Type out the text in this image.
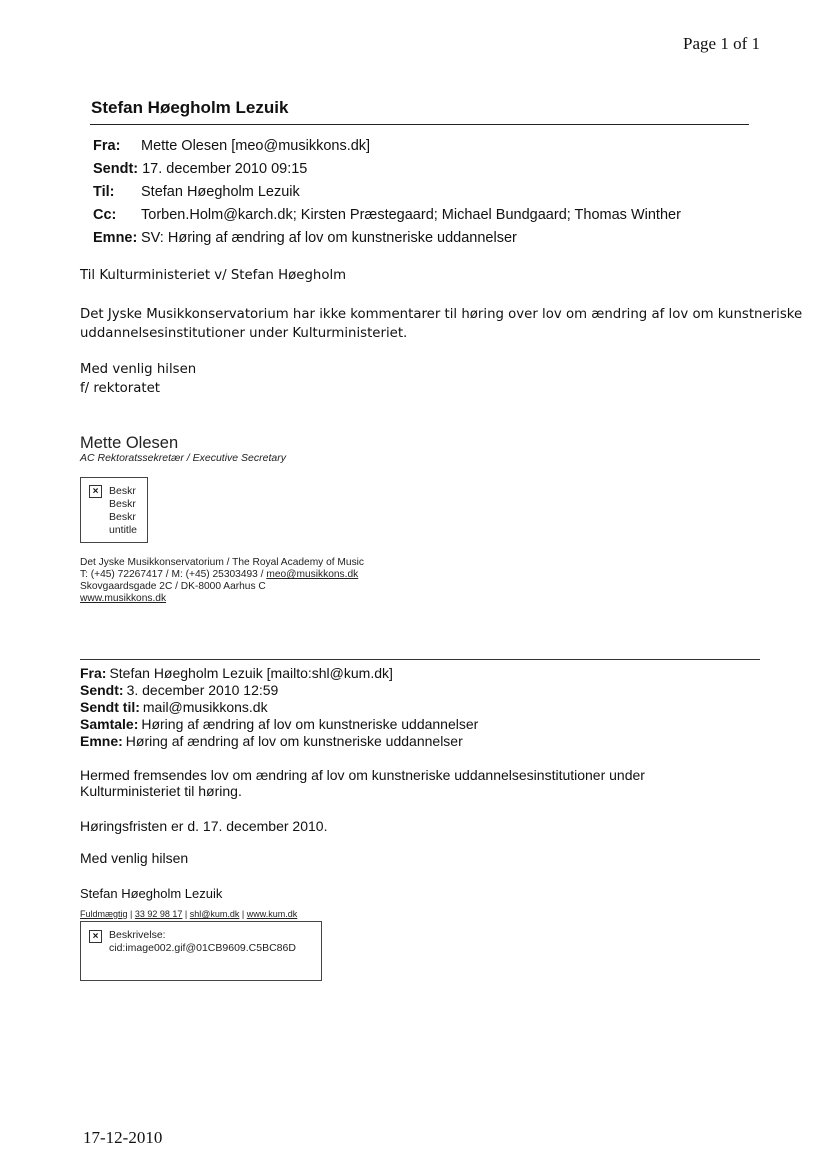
Page 1 of 1
Stefan Høegholm Lezuik
Fra: Mette Olesen [meo@musikkons.dk]
Sendt: 17. december 2010 09:15
Til: Stefan Høegholm Lezuik
Cc: Torben.Holm@karch.dk; Kirsten Præstegaard; Michael Bundgaard; Thomas Winther
Emne: SV: Høring af ændring af lov om kunstneriske uddannelser
Til Kulturministeriet v/ Stefan Høegholm
Det Jyske Musikkonservatorium har ikke kommentarer til høring over lov om ændring af lov om kunstneriske
uddannelsesinstitutioner under Kulturministeriet.
Med venlig hilsen
f/ rektoratet
Mette Olesen
AC Rektoratssekretær / Executive Secretary
×	Beskr
Beskr
Beskr
untitle
Det Jyske Musikkonservatorium / The Royal Academy of Music
T: (+45) 72267417 / M: (+45) 25303493 / meo@musikkons.dk
Skovgaardsgade 2C / DK-8000 Aarhus C
www.musikkons.dk
Fra: Stefan Høegholm Lezuik [mailto:shl@kum.dk]
Sendt: 3. december 2010 12:59
Sendt til: mail@musikkons.dk
Samtale: Høring af ændring af lov om kunstneriske uddannelser
Emne: Høring af ændring af lov om kunstneriske uddannelser
Hermed fremsendes lov om ændring af lov om kunstneriske uddannelsesinstitutioner under
Kulturministeriet til høring.
Høringsfristen er d. 17. december 2010.
Med venlig hilsen
Stefan Høegholm Lezuik
Fuldmægtig | 33 92 98 17 | shl@kum.dk | www.kum.dk
×	Beskrivelse:
cid:image002.gif@01CB9609.C5BC86D
17-12-2010
